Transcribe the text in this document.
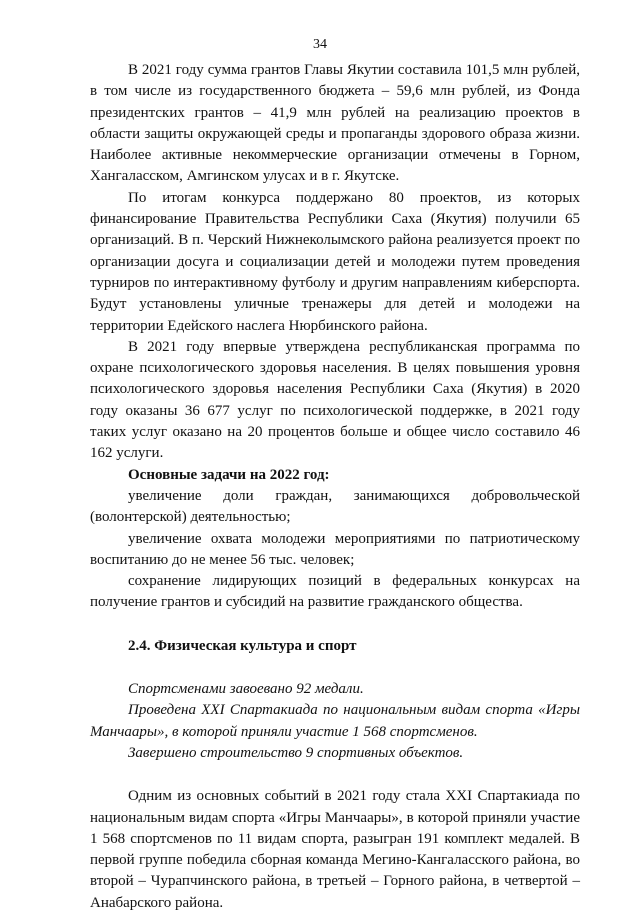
34

В 2021 году сумма грантов Главы Якутии составила 101,5 млн рублей, в том числе из государственного бюджета – 59,6 млн рублей, из Фонда президентских грантов – 41,9 млн рублей на реализацию проектов в области защиты окружающей среды и пропаганды здорового образа жизни. Наиболее активные некоммерческие организации отмечены в Горном, Хангаласском, Амгинском улусах и в г. Якутске.

По итогам конкурса поддержано 80 проектов, из которых финансирование Правительства Республики Саха (Якутия) получили 65 организаций. В п. Черский Нижнеколымского района реализуется проект по организации досуга и социализации детей и молодежи путем проведения турниров по интерактивному футболу и другим направлениям киберспорта. Будут установлены уличные тренажеры для детей и молодежи на территории Едейского наслега Нюрбинского района.

В 2021 году впервые утверждена республиканская программа по охране психологического здоровья населения. В целях повышения уровня психологического здоровья населения Республики Саха (Якутия) в 2020 году оказаны 36 677 услуг по психологической поддержке, в 2021 году таких услуг оказано на 20 процентов больше и общее число составило 46 162 услуги.

Основные задачи на 2022 год:

увеличение доли граждан, занимающихся добровольческой (волонтерской) деятельностью;

увеличение охвата молодежи мероприятиями по патриотическому воспитанию до не менее 56 тыс. человек;

сохранение лидирующих позиций в федеральных конкурсах на получение грантов и субсидий на развитие гражданского общества.

2.4. Физическая культура и спорт

Спортсменами завоевано 92 медали.

Проведена XXI Спартакиада по национальным видам спорта «Игры Манчаары», в которой приняли участие 1 568 спортсменов.

Завершено строительство 9 спортивных объектов.

Одним из основных событий в 2021 году стала XXI Спартакиада по национальным видам спорта «Игры Манчаары», в которой приняли участие 1 568 спортсменов по 11 видам спорта, разыгран 191 комплект медалей. В первой группе победила сборная команда Мегино-Кангаласского района, во второй – Чурапчинского района, в третьей – Горного района, в четвертой – Анабарского района.
